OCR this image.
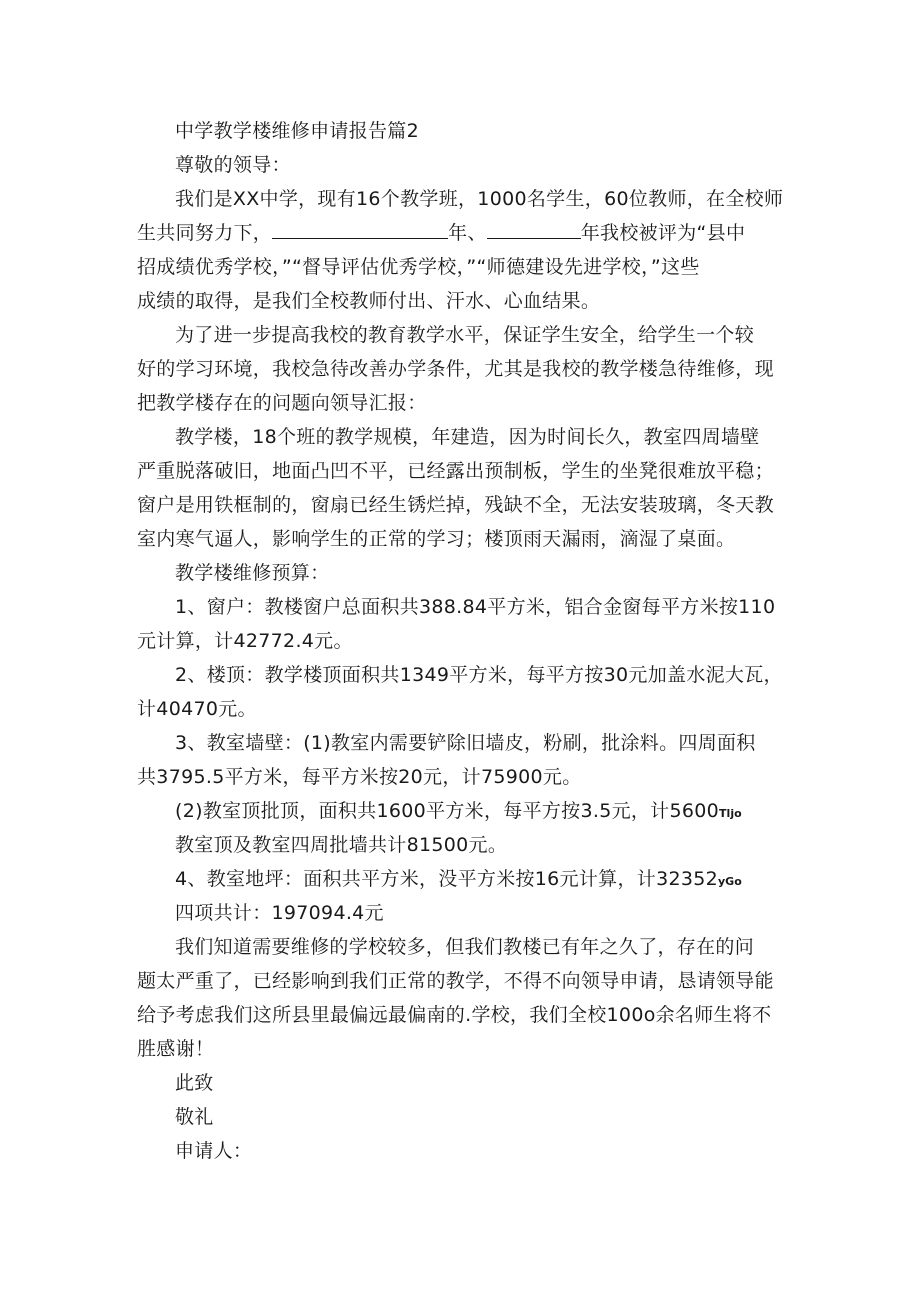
中学教学楼维修申请报告篇2
尊敬的领导：
我们是XX中学，现有16个教学班，1000名学生，60位教师，在全校师
生共同努力下，	年、	年我校被评为“县中
招成绩优秀学校，”“督导评估优秀学校，”“师德建设先进学校，”这些
成绩的取得，是我们全校教师付出、汗水、心血结果。
为了进一步提高我校的教育教学水平，保证学生安全，给学生一个较
好的学习环境，我校急待改善办学条件，尤其是我校的教学楼急待维修，现
把教学楼存在的问题向领导汇报：
教学楼，18个班的教学规模，年建造，因为时间长久，教室四周墙壁
严重脱落破旧，地面凸凹不平，已经露出预制板，学生的坐凳很难放平稳；
窗户是用铁框制的，窗扇已经生锈烂掉，残缺不全，无法安装玻璃，冬天教
室内寒气逼人，影响学生的正常的学习；楼顶雨天漏雨，滴湿了桌面。
教学楼维修预算：
1、窗户：教楼窗户总面积共388.84平方米，铝合金窗每平方米按110
元计算，计42772.4元。
2、楼顶：教学楼顶面积共1349平方米，每平方按30元加盖水泥大瓦，
计40470元。
3、教室墙壁：(1)教室内需要铲除旧墙皮，粉刷，批涂料。四周面积
共3795.5平方米，每平方米按20元，计75900元。
(2)教室顶批顶，面积共1600平方米，每平方按3.5元，计5600Tljo
教室顶及教室四周批墙共计81500元。
4、教室地坪：面积共平方米，没平方米按16元计算，计32352yGo
四项共计：197094.4元
我们知道需要维修的学校较多，但我们教楼已有年之久了，存在的问
题太严重了，已经影响到我们正常的教学，不得不向领导申请，恳请领导能
给予考虑我们这所县里最偏远最偏南的.学校，我们全校100o余名师生将不
胜感谢！
此致
敬礼
申请人：
